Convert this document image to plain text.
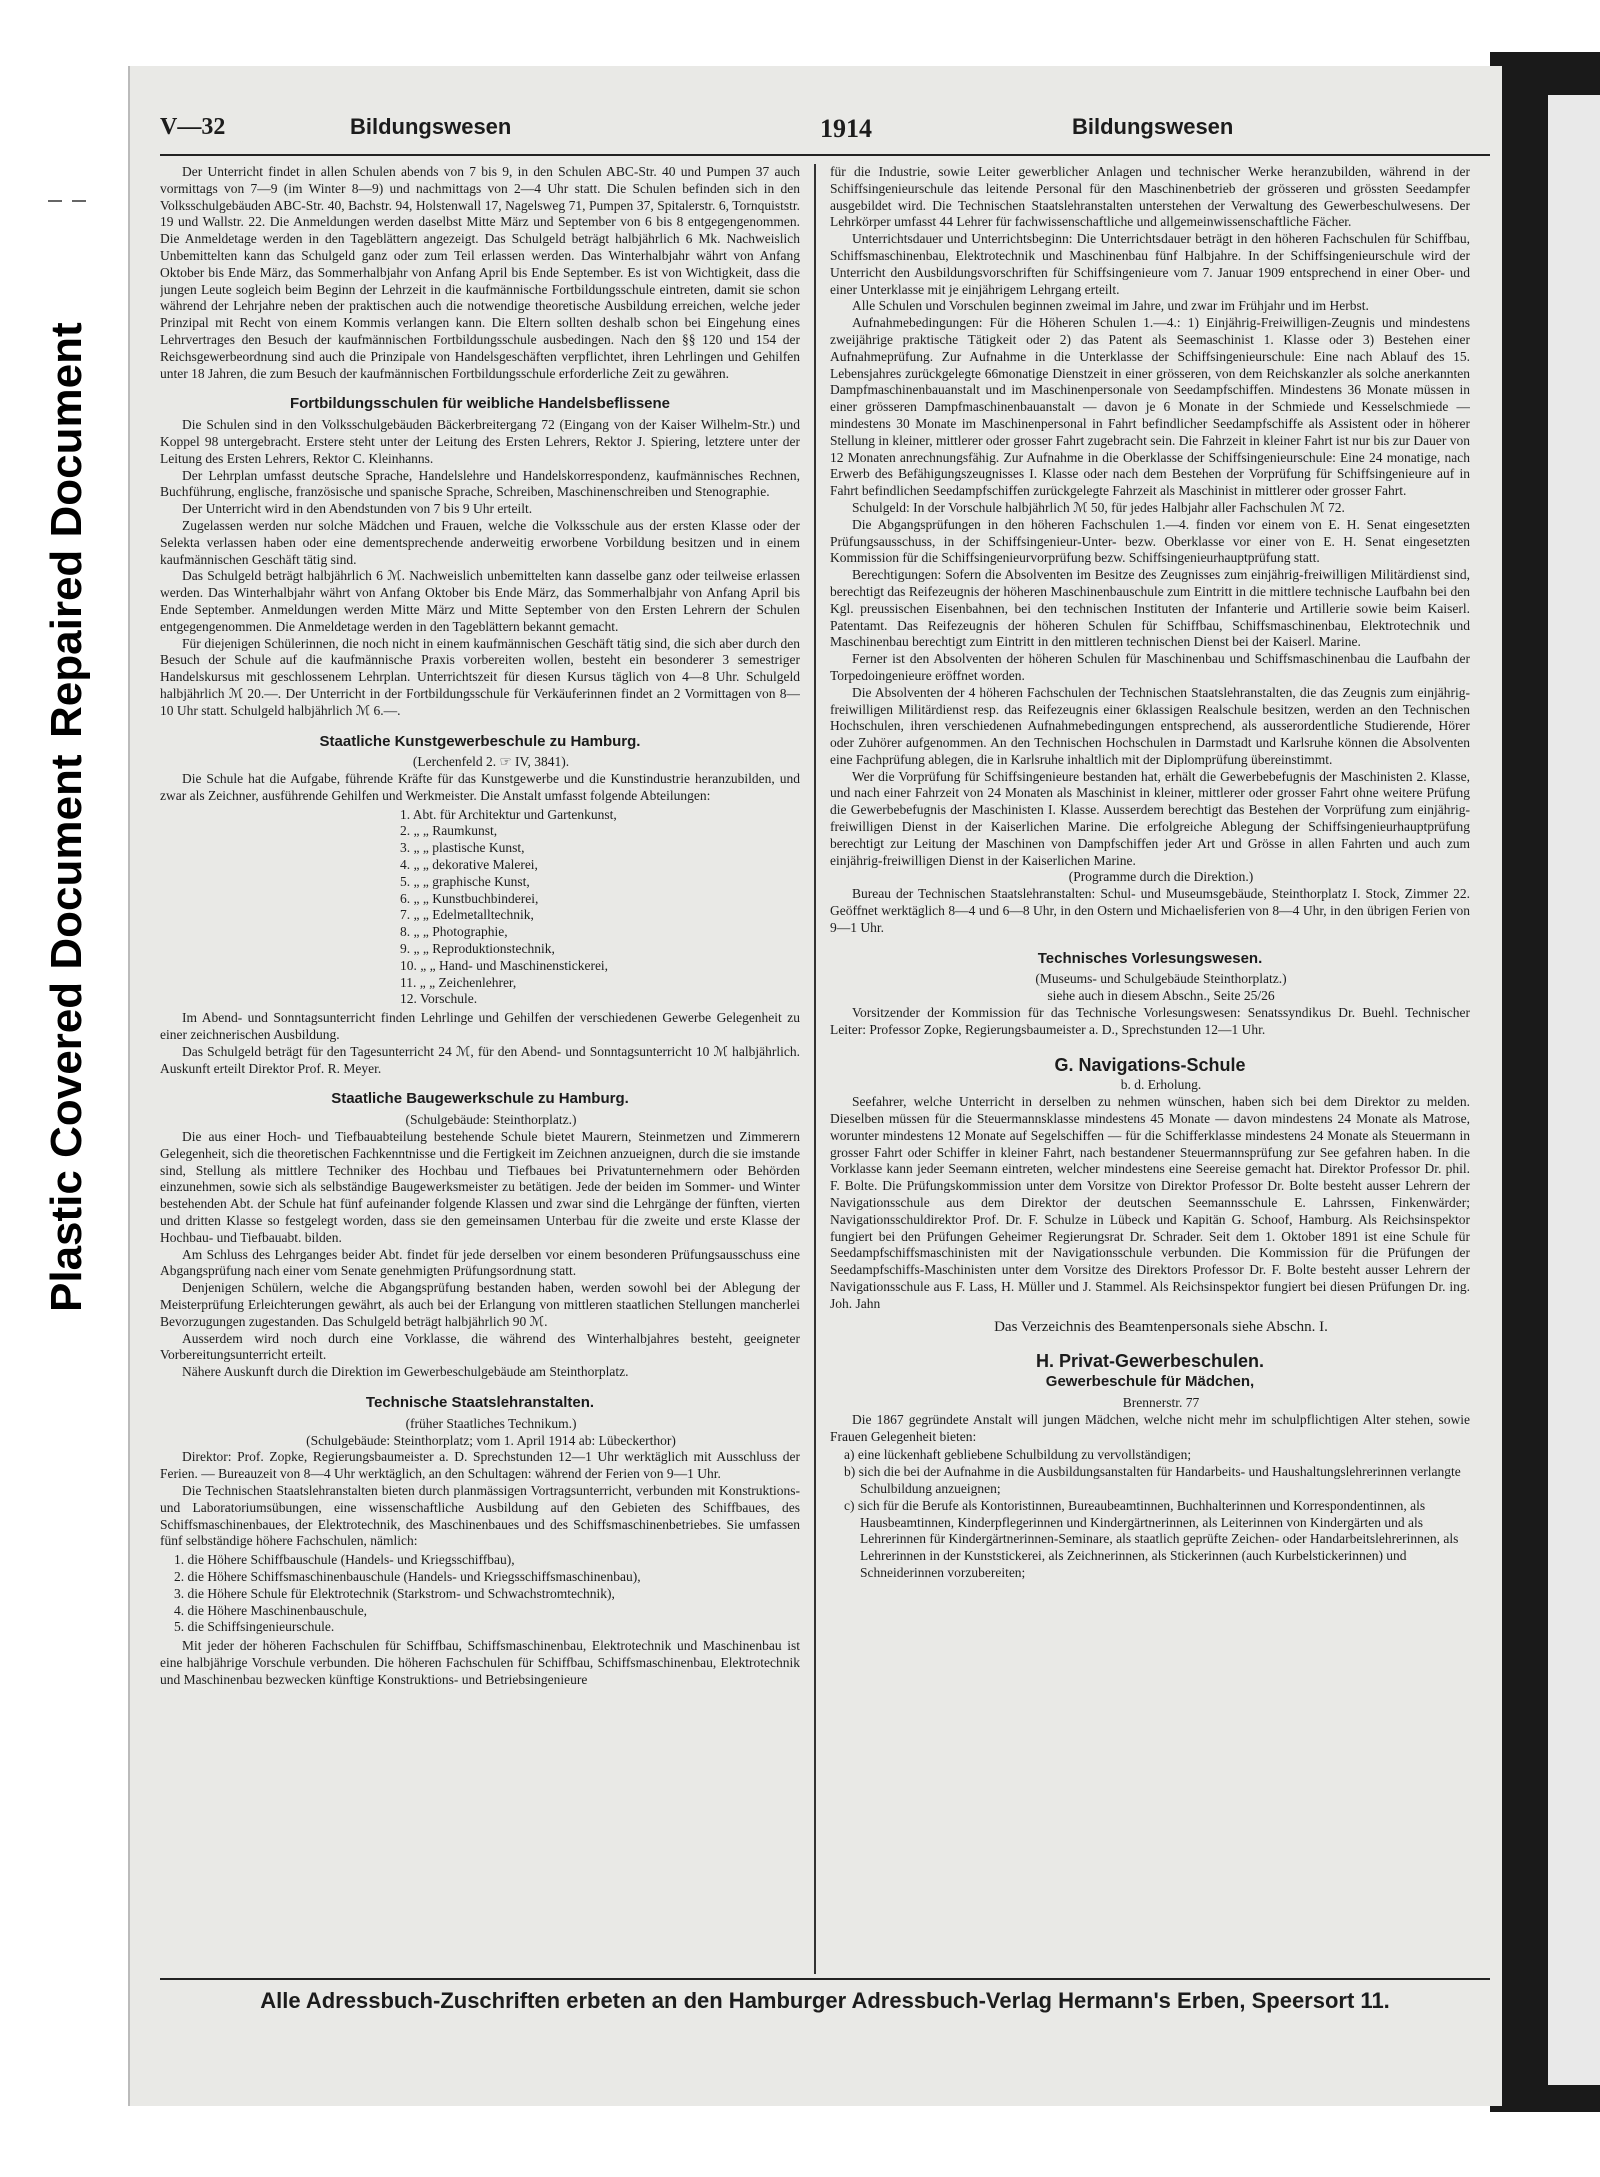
Repaired Document
Plastic Covered Document
V—32	Bildungswesen	1914	Bildungswesen

Der Unterricht findet in allen Schulen abends von 7 bis 9, in den Schulen ABC-Str. 40 und Pumpen 37 auch vormittags von 7—9 (im Winter 8—9) und nachmittags von 2—4 Uhr statt. Die Schulen befinden sich in den Volksschulgebäuden ABC-Str. 40, Bachstr. 94, Holstenwall 17, Nagelsweg 71, Pumpen 37, Spitalerstr. 6, Tornquiststr. 19 und Wallstr. 22. Die Anmeldungen werden daselbst Mitte März und September von 6 bis 8 entgegengenommen. Die Anmeldetage werden in den Tageblättern angezeigt. Das Schulgeld beträgt halbjährlich 6 Mk. Nachweislich Unbemittelten kann das Schulgeld ganz oder zum Teil erlassen werden. Das Winterhalbjahr währt von Anfang Oktober bis Ende März, das Sommerhalbjahr von Anfang April bis Ende September. Es ist von Wichtigkeit, dass die jungen Leute sogleich beim Beginn der Lehrzeit in die kaufmännische Fortbildungsschule eintreten, damit sie schon während der Lehrjahre neben der praktischen auch die notwendige theoretische Ausbildung erreichen, welche jeder Prinzipal mit Recht von einem Kommis verlangen kann. Die Eltern sollten deshalb schon bei Eingehung eines Lehrvertrages den Besuch der kaufmännischen Fortbildungsschule ausbedingen. Nach den §§ 120 und 154 der Reichsgewerbeordnung sind auch die Prinzipale von Handelsgeschäften verpflichtet, ihren Lehrlingen und Gehilfen unter 18 Jahren, die zum Besuch der kaufmännischen Fortbildungsschule erforderliche Zeit zu gewähren.

Fortbildungsschulen für weibliche Handelsbeflissene

Die Schulen sind in den Volksschulgebäuden Bäckerbreitergang 72 (Eingang von der Kaiser Wilhelm-Str.) und Koppel 98 untergebracht. Erstere steht unter der Leitung des Ersten Lehrers, Rektor J. Spiering, letztere unter der Leitung des Ersten Lehrers, Rektor C. Kleinhanns.

Der Lehrplan umfasst deutsche Sprache, Handelslehre und Handelskorrespondenz, kaufmännisches Rechnen, Buchführung, englische, französische und spanische Sprache, Schreiben, Maschinenschreiben und Stenographie.

Der Unterricht wird in den Abendstunden von 7 bis 9 Uhr erteilt.

Zugelassen werden nur solche Mädchen und Frauen, welche die Volksschule aus der ersten Klasse oder der Selekta verlassen haben oder eine dementsprechende anderweitig erworbene Vorbildung besitzen und in einem kaufmännischen Geschäft tätig sind.

Das Schulgeld beträgt halbjährlich 6 ℳ. Nachweislich unbemittelten kann dasselbe ganz oder teilweise erlassen werden. Das Winterhalbjahr währt von Anfang Oktober bis Ende März, das Sommerhalbjahr von Anfang April bis Ende September. Anmeldungen werden Mitte März und Mitte September von den Ersten Lehrern der Schulen entgegengenommen. Die Anmeldetage werden in den Tageblättern bekannt gemacht.

Für diejenigen Schülerinnen, die noch nicht in einem kaufmännischen Geschäft tätig sind, die sich aber durch den Besuch der Schule auf die kaufmännische Praxis vorbereiten wollen, besteht ein besonderer 3 semestriger Handelskursus mit geschlossenem Lehrplan. Unterrichtszeit für diesen Kursus täglich von 4—8 Uhr. Schulgeld halbjährlich ℳ 20.—. Der Unterricht in der Fortbildungsschule für Verkäuferinnen findet an 2 Vormittagen von 8—10 Uhr statt. Schulgeld halbjährlich ℳ 6.—.

Staatliche Kunstgewerbeschule zu Hamburg.

(Lerchenfeld 2. ☞ IV, 3841).

Die Schule hat die Aufgabe, führende Kräfte für das Kunstgewerbe und die Kunstindustrie heranzubilden, und zwar als Zeichner, ausführende Gehilfen und Werkmeister. Die Anstalt umfasst folgende Abteilungen:

1. Abt. für Architektur und Gartenkunst,
2. „ „ Raumkunst,
3. „ „ plastische Kunst,
4. „ „ dekorative Malerei,
5. „ „ graphische Kunst,
6. „ „ Kunstbuchbinderei,
7. „ „ Edelmetalltechnik,
8. „ „ Photographie,
9. „ „ Reproduktionstechnik,
10. „ „ Hand- und Maschinenstickerei,
11. „ „ Zeichenlehrer,
12. Vorschule.

Im Abend- und Sonntagsunterricht finden Lehrlinge und Gehilfen der verschiedenen Gewerbe Gelegenheit zu einer zeichnerischen Ausbildung.

Das Schulgeld beträgt für den Tagesunterricht 24 ℳ, für den Abend- und Sonntagsunterricht 10 ℳ halbjährlich. Auskunft erteilt Direktor Prof. R. Meyer.

Staatliche Baugewerkschule zu Hamburg.

(Schulgebäude: Steinthorplatz.)

Die aus einer Hoch- und Tiefbauabteilung bestehende Schule bietet Maurern, Steinmetzen und Zimmerern Gelegenheit, sich die theoretischen Fachkenntnisse und die Fertigkeit im Zeichnen anzueignen, durch die sie imstande sind, Stellung als mittlere Techniker des Hochbau und Tiefbaues bei Privatunternehmern oder Behörden einzunehmen, sowie sich als selbständige Baugewerksmeister zu betätigen. Jede der beiden im Sommer- und Winter bestehenden Abt. der Schule hat fünf aufeinander folgende Klassen und zwar sind die Lehrgänge der fünften, vierten und dritten Klasse so festgelegt worden, dass sie den gemeinsamen Unterbau für die zweite und erste Klasse der Hochbau- und Tiefbauabt. bilden.

Am Schluss des Lehrganges beider Abt. findet für jede derselben vor einem besonderen Prüfungsausschuss eine Abgangsprüfung nach einer vom Senate genehmigten Prüfungsordnung statt.

Denjenigen Schülern, welche die Abgangsprüfung bestanden haben, werden sowohl bei der Ablegung der Meisterprüfung Erleichterungen gewährt, als auch bei der Erlangung von mittleren staatlichen Stellungen mancherlei Bevorzugungen zugestanden. Das Schulgeld beträgt halbjährlich 90 ℳ.

Ausserdem wird noch durch eine Vorklasse, die während des Winterhalbjahres besteht, geeigneter Vorbereitungsunterricht erteilt.

Nähere Auskunft durch die Direktion im Gewerbeschulgebäude am Steinthorplatz.

Technische Staatslehranstalten.

(früher Staatliches Technikum.)

(Schulgebäude: Steinthorplatz; vom 1. April 1914 ab: Lübeckerthor)

Direktor: Prof. Zopke, Regierungsbaumeister a. D. Sprechstunden 12—1 Uhr werktäglich mit Ausschluss der Ferien. — Bureauzeit von 8—4 Uhr werktäglich, an den Schultagen: während der Ferien von 9—1 Uhr.

Die Technischen Staatslehranstalten bieten durch planmässigen Vortragsunterricht, verbunden mit Konstruktions- und Laboratoriumsübungen, eine wissenschaftliche Ausbildung auf den Gebieten des Schiffbaues, des Schiffsmaschinenbaues, der Elektrotechnik, des Maschinenbaues und des Schiffsmaschinenbetriebes. Sie umfassen fünf selbständige höhere Fachschulen, nämlich:

1. die Höhere Schiffbauschule (Handels- und Kriegsschiffbau),
2. die Höhere Schiffsmaschinenbauschule (Handels- und Kriegsschiffsmaschinenbau),
3. die Höhere Schule für Elektrotechnik (Starkstrom- und Schwachstromtechnik),
4. die Höhere Maschinenbauschule,
5. die Schiffsingenieurschule.

Mit jeder der höheren Fachschulen für Schiffbau, Schiffsmaschinenbau, Elektrotechnik und Maschinenbau ist eine halbjährige Vorschule verbunden. Die höheren Fachschulen für Schiffbau, Schiffsmaschinenbau, Elektrotechnik und Maschinenbau bezwecken künftige Konstruktions- und Betriebsingenieure

für die Industrie, sowie Leiter gewerblicher Anlagen und technischer Werke heranzubilden, während in der Schiffsingenieurschule das leitende Personal für den Maschinenbetrieb der grösseren und grössten Seedampfer ausgebildet wird. Die Technischen Staatslehranstalten unterstehen der Verwaltung des Gewerbeschulwesens. Der Lehrkörper umfasst 44 Lehrer für fachwissenschaftliche und allgemeinwissenschaftliche Fächer.

Unterrichtsdauer und Unterrichtsbeginn: Die Unterrichtsdauer beträgt in den höheren Fachschulen für Schiffbau, Schiffsmaschinenbau, Elektrotechnik und Maschinenbau fünf Halbjahre. In der Schiffsingenieurschule wird der Unterricht den Ausbildungsvorschriften für Schiffsingenieure vom 7. Januar 1909 entsprechend in einer Ober- und einer Unterklasse mit je einjährigem Lehrgang erteilt.

Alle Schulen und Vorschulen beginnen zweimal im Jahre, und zwar im Frühjahr und im Herbst.

Aufnahmebedingungen: Für die Höheren Schulen 1.—4.: 1) Einjährig-Freiwilligen-Zeugnis und mindestens zweijährige praktische Tätigkeit oder 2) das Patent als Seemaschinist 1. Klasse oder 3) Bestehen einer Aufnahmeprüfung. Zur Aufnahme in die Unterklasse der Schiffsingenieurschule: Eine nach Ablauf des 15. Lebensjahres zurückgelegte 66monatige Dienstzeit in einer grösseren, von dem Reichskanzler als solche anerkannten Dampfmaschinenbauanstalt und im Maschinenpersonale von Seedampfschiffen. Mindestens 36 Monate müssen in einer grösseren Dampfmaschinenbauanstalt — davon je 6 Monate in der Schmiede und Kesselschmiede — mindestens 30 Monate im Maschinenpersonal in Fahrt befindlicher Seedampfschiffe als Assistent oder in höherer Stellung in kleiner, mittlerer oder grosser Fahrt zugebracht sein. Die Fahrzeit in kleiner Fahrt ist nur bis zur Dauer von 12 Monaten anrechnungsfähig. Zur Aufnahme in die Oberklasse der Schiffsingenieurschule: Eine 24 monatige, nach Erwerb des Befähigungszeugnisses I. Klasse oder nach dem Bestehen der Vorprüfung für Schiffsingenieure auf in Fahrt befindlichen Seedampfschiffen zurückgelegte Fahrzeit als Maschinist in mittlerer oder grosser Fahrt.

Schulgeld: In der Vorschule halbjährlich ℳ 50, für jedes Halbjahr aller Fachschulen ℳ 72.

Die Abgangsprüfungen in den höheren Fachschulen 1.—4. finden vor einem von E. H. Senat eingesetzten Prüfungsausschuss, in der Schiffsingenieur-Unter- bezw. Oberklasse vor einer von E. H. Senat eingesetzten Kommission für die Schiffsingenieurvorprüfung bezw. Schiffsingenieurhauptprüfung statt.

Berechtigungen: Sofern die Absolventen im Besitze des Zeugnisses zum einjährig-freiwilligen Militärdienst sind, berechtigt das Reifezeugnis der höheren Maschinenbauschule zum Eintritt in die mittlere technische Laufbahn bei den Kgl. preussischen Eisenbahnen, bei den technischen Instituten der Infanterie und Artillerie sowie beim Kaiserl. Patentamt. Das Reifezeugnis der höheren Schulen für Schiffbau, Schiffsmaschinenbau, Elektrotechnik und Maschinenbau berechtigt zum Eintritt in den mittleren technischen Dienst bei der Kaiserl. Marine.

Ferner ist den Absolventen der höheren Schulen für Maschinenbau und Schiffsmaschinenbau die Laufbahn der Torpedoingenieure eröffnet worden.

Die Absolventen der 4 höheren Fachschulen der Technischen Staatslehranstalten, die das Zeugnis zum einjährig-freiwilligen Militärdienst resp. das Reifezeugnis einer 6klassigen Realschule besitzen, werden an den Technischen Hochschulen, ihren verschiedenen Aufnahmebedingungen entsprechend, als ausserordentliche Studierende, Hörer oder Zuhörer aufgenommen. An den Technischen Hochschulen in Darmstadt und Karlsruhe können die Absolventen eine Fachprüfung ablegen, die in Karlsruhe inhaltlich mit der Diplomprüfung übereinstimmt.

Wer die Vorprüfung für Schiffsingenieure bestanden hat, erhält die Gewerbebefugnis der Maschinisten 2. Klasse, und nach einer Fahrzeit von 24 Monaten als Maschinist in kleiner, mittlerer oder grosser Fahrt ohne weitere Prüfung die Gewerbebefugnis der Maschinisten I. Klasse. Ausserdem berechtigt das Bestehen der Vorprüfung zum einjährig-freiwilligen Dienst in der Kaiserlichen Marine. Die erfolgreiche Ablegung der Schiffsingenieurhauptprüfung berechtigt zur Leitung der Maschinen von Dampfschiffen jeder Art und Grösse in allen Fahrten und auch zum einjährig-freiwilligen Dienst in der Kaiserlichen Marine.

(Programme durch die Direktion.)

Bureau der Technischen Staatslehranstalten: Schul- und Museumsgebäude, Steinthorplatz I. Stock, Zimmer 22. Geöffnet werktäglich 8—4 und 6—8 Uhr, in den Ostern und Michaelisferien von 8—4 Uhr, in den übrigen Ferien von 9—1 Uhr.

Technisches Vorlesungswesen.

(Museums- und Schulgebäude Steinthorplatz.)

siehe auch in diesem Abschn., Seite 25/26

Vorsitzender der Kommission für das Technische Vorlesungswesen: Senatssyndikus Dr. Buehl. Technischer Leiter: Professor Zopke, Regierungsbaumeister a. D., Sprechstunden 12—1 Uhr.

G. Navigations-Schule

b. d. Erholung.

Seefahrer, welche Unterricht in derselben zu nehmen wünschen, haben sich bei dem Direktor zu melden. Dieselben müssen für die Steuermannsklasse mindestens 45 Monate — davon mindestens 24 Monate als Matrose, worunter mindestens 12 Monate auf Segelschiffen — für die Schifferklasse mindestens 24 Monate als Steuermann in grosser Fahrt oder Schiffer in kleiner Fahrt, nach bestandener Steuermannsprüfung zur See gefahren haben. In die Vorklasse kann jeder Seemann eintreten, welcher mindestens eine Seereise gemacht hat. Direktor Professor Dr. phil. F. Bolte. Die Prüfungskommission unter dem Vorsitze von Direktor Professor Dr. Bolte besteht ausser Lehrern der Navigationsschule aus dem Direktor der deutschen Seemannsschule E. Lahrssen, Finkenwärder; Navigationsschuldirektor Prof. Dr. F. Schulze in Lübeck und Kapitän G. Schoof, Hamburg. Als Reichsinspektor fungiert bei den Prüfungen Geheimer Regierungsrat Dr. Schrader. Seit dem 1. Oktober 1891 ist eine Schule für Seedampfschiffsmaschinisten mit der Navigationsschule verbunden. Die Kommission für die Prüfungen der Seedampfschiffs-Maschinisten unter dem Vorsitze des Direktors Professor Dr. F. Bolte besteht ausser Lehrern der Navigationsschule aus F. Lass, H. Müller und J. Stammel. Als Reichsinspektor fungiert bei diesen Prüfungen Dr. ing. Joh. Jahn

Das Verzeichnis des Beamtenpersonals siehe Abschn. I.

H. Privat-Gewerbeschulen.
Gewerbeschule für Mädchen,

Brennerstr. 77

Die 1867 gegründete Anstalt will jungen Mädchen, welche nicht mehr im schulpflichtigen Alter stehen, sowie Frauen Gelegenheit bieten:

a) eine lückenhaft gebliebene Schulbildung zu vervollständigen;
b) sich die bei der Aufnahme in die Ausbildungsanstalten für Handarbeits- und Haushaltungslehrerinnen verlangte Schulbildung anzueignen;
c) sich für die Berufe als Kontoristinnen, Bureaubeamtinnen, Buchhalterinnen und Korrespondentinnen, als Hausbeamtinnen, Kinderpflegerinnen und Kindergärtnerinnen, als Leiterinnen von Kindergärten und als Lehrerinnen für Kindergärtnerinnen-Seminare, als staatlich geprüfte Zeichen- oder Handarbeitslehrerinnen, als Lehrerinnen in der Kunststickerei, als Zeichnerinnen, als Stickerinnen (auch Kurbelstickerinnen) und Schneiderinnen vorzubereiten;
Alle Adressbuch-Zuschriften erbeten an den Hamburger Adressbuch-Verlag Hermann's Erben, Speersort 11.
